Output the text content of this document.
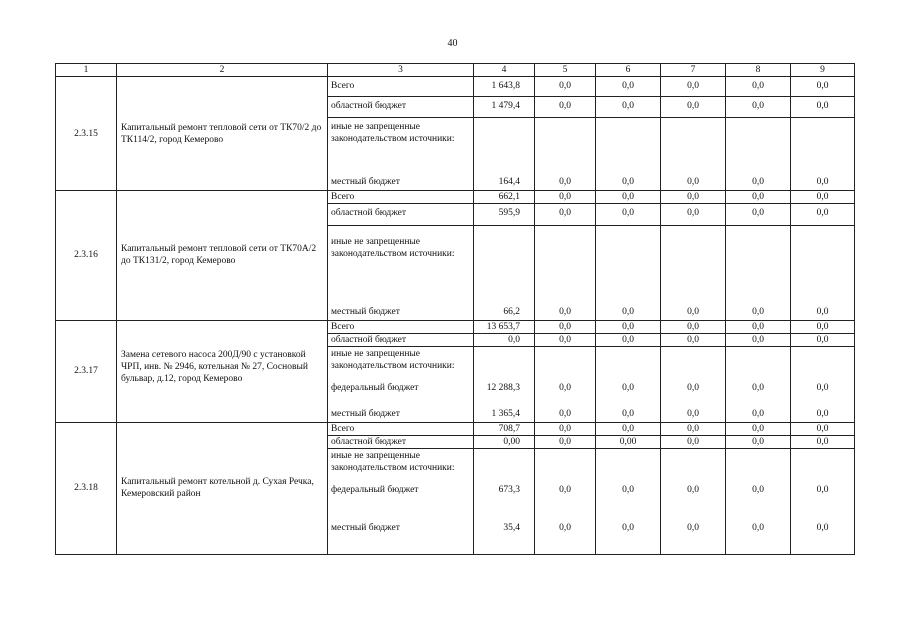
40
1	2	3	4	5	6	7	8	9
2.3.15	Капитальный ремонт тепловой сети от ТК70/2 до ТК114/2, город Кемерово	Всего	1 643,8	0,0	0,0	0,0	0,0	0,0
		областной бюджет	1 479,4	0,0	0,0	0,0	0,0	0,0
		иные не запрещенные законодательством источники:						
		местный бюджет	164,4	0,0	0,0	0,0	0,0	0,0
2.3.16	Капитальный ремонт тепловой сети от ТК70А/2 до ТК131/2, город Кемерово	Всего	662,1	0,0	0,0	0,0	0,0	0,0
		областной бюджет	595,9	0,0	0,0	0,0	0,0	0,0
		иные не запрещенные законодательством источники:						
		местный бюджет	66,2	0,0	0,0	0,0	0,0	0,0
2.3.17	Замена сетевого насоса 200Д/90 с установкой ЧРП, инв. № 2946, котельная № 27, Сосновый бульвар, д.12, город Кемерово	Всего	13 653,7	0,0	0,0	0,0	0,0	0,0
		областной бюджет	0,0	0,0	0,0	0,0	0,0	0,0
		иные не запрещенные законодательством источники:						
		федеральный бюджет	12 288,3	0,0	0,0	0,0	0,0	0,0
		местный бюджет	1 365,4	0,0	0,0	0,0	0,0	0,0
2.3.18	Капитальный ремонт котельной д. Сухая Речка, Кемеровский район	Всего	708,7	0,0	0,0	0,0	0,0	0,0
		областной бюджет	0,00	0,0	0,00	0,0	0,0	0,0
		иные не запрещенные законодательством источники:						
		федеральный бюджет	673,3	0,0	0,0	0,0	0,0	0,0
		местный бюджет	35,4	0,0	0,0	0,0	0,0	0,0
